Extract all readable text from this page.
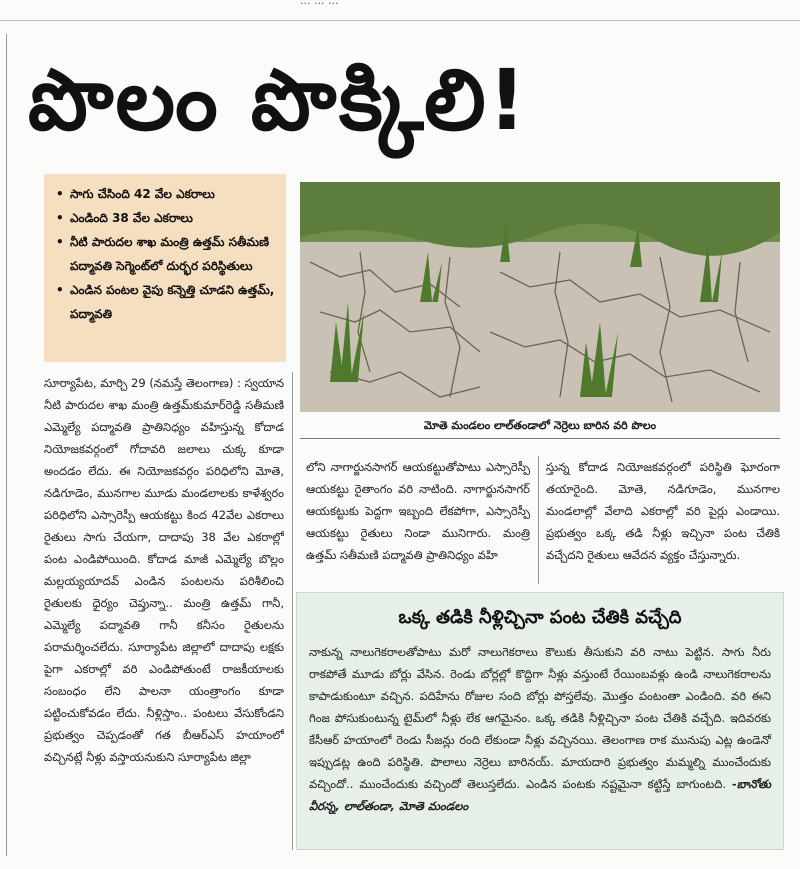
... ... ...
పొలం పొక్కిలి!
• సాగు చేసింది 42 వేల ఎకరాలు
• ఎండింది 38 వేల ఎకరాలు
• నీటి పారుదల శాఖ మంత్రి ఉత్తమ్ సతీమణి పద్మావతి సెగ్మెంట్‌లో దుర్భర పరిస్థితులు
• ఎండిన పంటల వైపు కన్నెత్తి చూడని ఉత్తమ్, పద్మావతి
మోతె మండలం లాల్‌తండాలో నెర్రెలు బారిన వరి పొలం

సూర్యాపేట, మార్చి 29 (నమస్తే తెలంగాణ) : స్వయాన నీటి పారుదల శాఖ మంత్రి ఉత్తమ్‌కుమార్‌రెడ్డి సతీమణి ఎమ్మెల్యే పద్మావతి ప్రాతినిధ్యం వహిస్తున్న కోదాడ నియోజకవర్గంలో గోదావరి జలాలు చుక్క కూడా అందడం లేదు. ఈ నియోజకవర్గం పరిధిలోని మోతె, నడిగూడెం, మునగాల మూడు మండలాలకు కాళేశ్వరం పరిధిలోని ఎస్సారెస్పీ ఆయకట్టు కింద 42వేల ఎకరాలు రైతులు సాగు చేయగా, దాదాపు 38 వేల ఎకరాల్లో పంట ఎండిపోయింది. కోదాడ మాజీ ఎమ్మెల్యే బొల్లం మల్లయ్యయాదవ్ ఎండిన పంటలను పరిశీలించి రైతులకు ధైర్యం చెప్తున్నా.. మంత్రి ఉత్తమ్ గానీ, ఎమ్మెల్యే పద్మావతి గానీ కనీసం రైతులను పరామర్శించలేదు. సూర్యాపేట జిల్లాలో దాదాపు లక్షకు పైగా ఎకరాల్లో వరి ఎండిపోతుంటే రాజకీయాలకు సంబంధం లేని పాలనా యంత్రాంగం కూడా పట్టించుకోవడం లేదు. నీళ్లిస్తాం.. పంటలు వేసుకోండని ప్రభుత్వం చెప్పడంతో గత బీఆర్‌ఎస్ హయాంలో వచ్చినట్లే నీళ్లు వస్తాయనుకుని సూర్యాపేట జిల్లా

లోని నాగార్జునసాగర్ ఆయకట్టుతోపాటు ఎస్సారెస్పీ ఆయకట్టు రైతాంగం వరి నాటింది. నాగార్జునసాగర్ ఆయకట్టుకు పెద్దగా ఇబ్బంది లేకపోగా, ఎస్సారెస్పీ ఆయకట్టు రైతులు నిండా మునిగారు. మంత్రి ఉత్తమ్ సతీమణి పద్మావతి ప్రాతినిధ్యం వహి

స్తున్న కోదాడ నియోజకవర్గంలో పరిస్థితి ఘోరంగా తయారైంది. మోతె, నడిగూడెం, మునగాల మండలాల్లో వేలాది ఎకరాల్లో వరి పైర్లు ఎండాయి. ప్రభుత్వం ఒక్క తడి నీళ్లు ఇచ్చినా పంట చేతికి వచ్చేదని రైతులు ఆవేదన వ్యక్తం చేస్తున్నారు.

ఒక్క తడికి నీళ్లిచ్చినా పంట చేతికి వచ్చేది
నాకున్న నాలుగెకరాలతోపాటు మరో నాలుగెకరాలు కౌలుకు తీసుకుని వరి నాటు పెట్టిన. సాగు నీరు రాకపోతే మూడు బోర్లు వేసిన. రెండు బోర్లల్లో కొద్దిగా నీళ్లు వస్తుంటే రేయింబవళ్లు ఉండి నాలుగెకరాలను కాపాడుకుంటూ వచ్చిన. పదిహేను రోజుల సంది బోర్లు పోస్తలేవు. మొత్తం పంటంతా ఎండింది. వరి ఈని గింజ పోసుకుంటున్న టైమ్‌లో నీళ్లు లేక ఆగమైనం. ఒక్క తడికి నీళ్లిచ్చినా పంట చేతికి వచ్చేది. ఇదివరకు కేసీఆర్ హయాంలో రెండు సీజన్లు రంది లేకుండా నీళ్లు వచ్చినయి. తెలంగాణ రాక మునుపు ఎట్ల ఉండెనో ఇప్పుడట్ల ఉంది పరిస్థితి. పొలాలు నెర్రెలు బారినయ్. మాయదారి ప్రభుత్వం మమ్మల్ని ముంచేందుకు వచ్చిందో.. ముంచేందుకు వచ్చిందో తెలుస్తలేదు. ఎండిన పంటకు నష్టమైనా కట్టిస్తే బాగుంటది. -బానోతు వీరన్న, లాల్‌తండా, మోతె మండలం
